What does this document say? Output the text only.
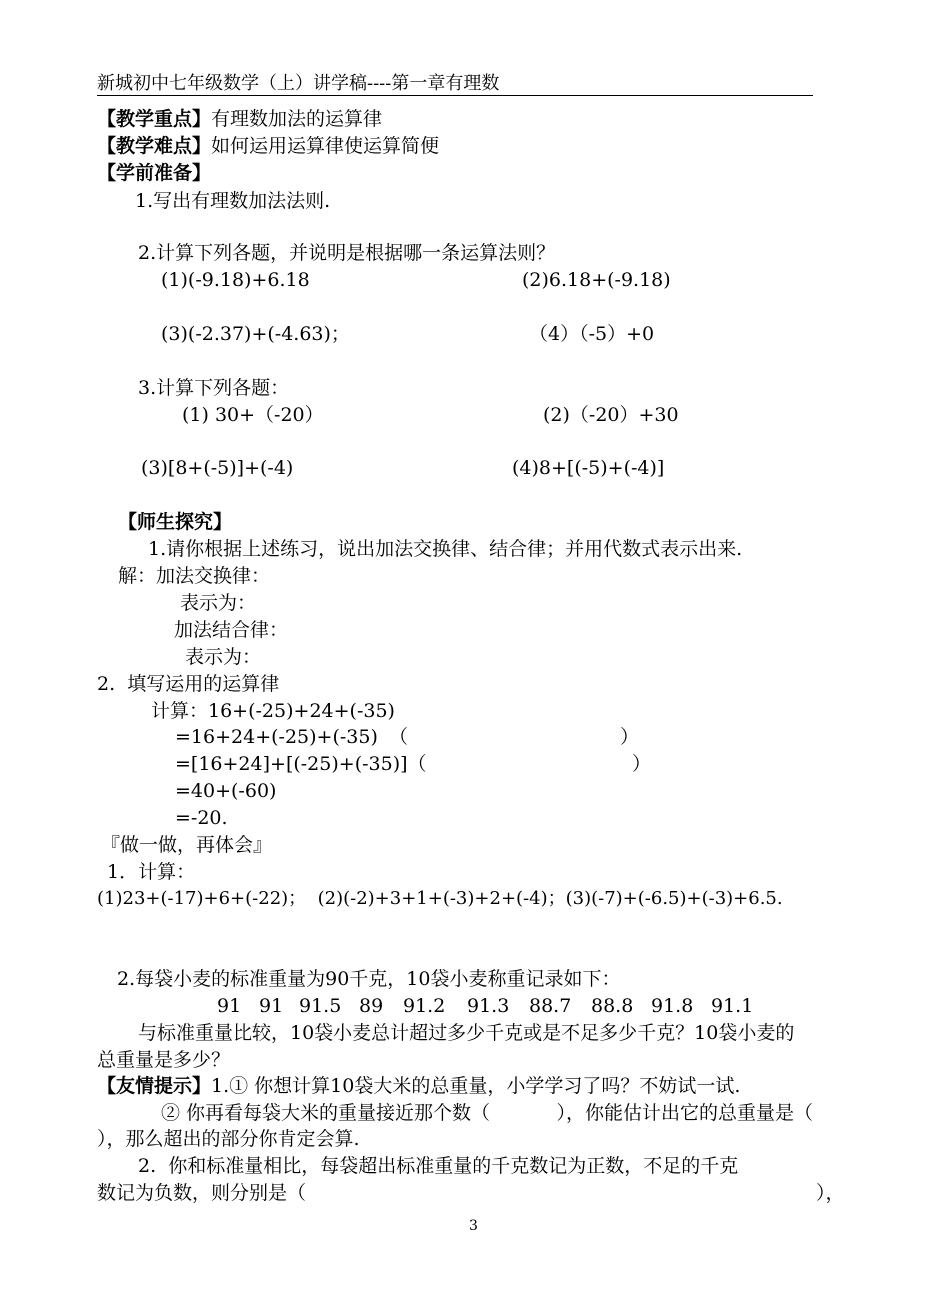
新城初中七年级数学（上）讲学稿----第一章有理数
【教学重点】有理数加法的运算律
【教学难点】如何运用运算律使运算简便
【学前准备】
1.写出有理数加法法则.
2.计算下列各题，并说明是根据哪一条运算法则？
(1)(-9.18)+6.18	(2)6.18+(-9.18)
(3)(-2.37)+(-4.63)；	（4）（-5）+0
3.计算下列各题：
(1) 30+（-20）	(2)（-20）+30
(3)[8+(-5)]+(-4)	(4)8+[(-5)+(-4)]
【师生探究】
1.请你根据上述练习，说出加法交换律、结合律；并用代数式表示出来.
解：加法交换律：
表示为：
加法结合律：
表示为：
2.  填写运用的运算律
计算：16+(-25)+24+(-35)
=16+24+(-25)+(-35) （	）
=[16+24]+[(-25)+(-35)]（	）
=40+(-60)
=-20.
『做一做，再体会』
1．计算：
(1)23+(-17)+6+(-22)；  (2)(-2)+3+1+(-3)+2+(-4)；(3)(-7)+(-6.5)+(-3)+6.5.
2.每袋小麦的标准重量为90千克，10袋小麦称重记录如下：
91 91 91.5 89 91.2 91.3 88.7 88.8 91.8 91.1
与标准重量比较，10袋小麦总计超过多少千克或是不足多少千克？10袋小麦的
总重量是多少？
【友情提示】1.① 你想计算10袋大米的总重量，小学学习了吗？不妨试一试.
② 你再看每袋大米的重量接近那个数（           ），你能估计出它的总重量是（
），那么超出的部分你肯定会算.
2.  你和标准量相比，每袋超出标准重量的千克数记为正数，不足的千克
数记为负数，则分别是（	），
3
